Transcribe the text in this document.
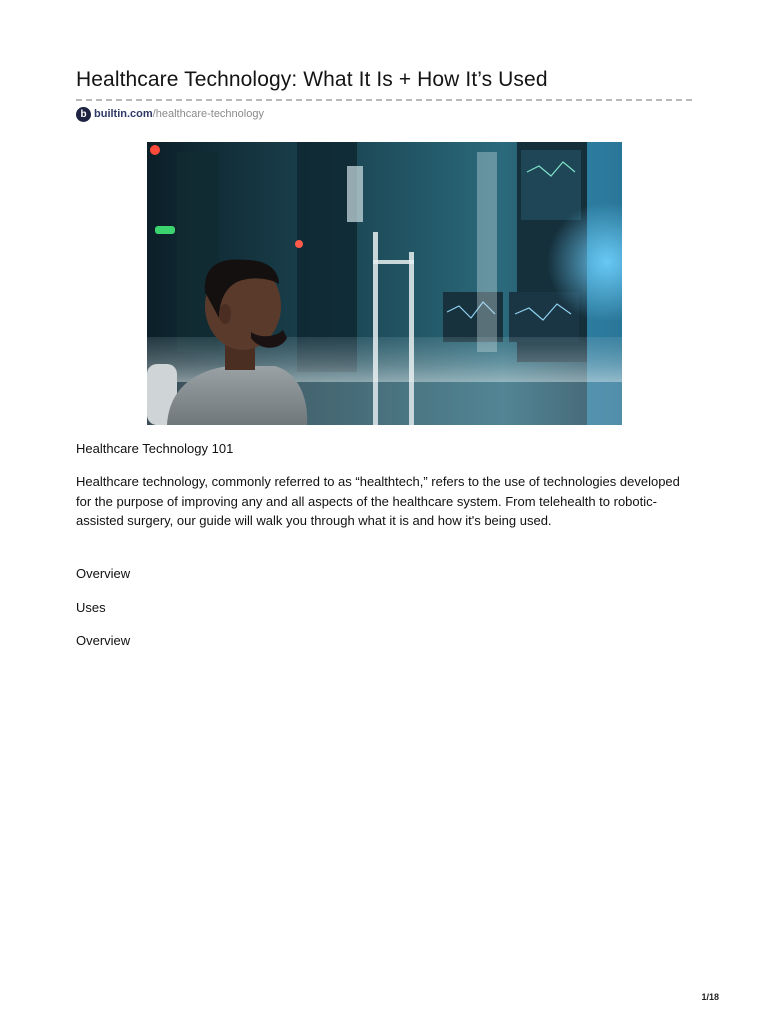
Healthcare Technology: What It Is + How It’s Used
b builtin.com /healthcare-technology

Healthcare Technology 101

Healthcare technology, commonly referred to as “healthtech,” refers to the use of technologies developed for the purpose of improving any and all aspects of the healthcare system. From telehealth to robotic-assisted surgery, our guide will walk you through what it is and how it's being used.

Overview

Uses

Overview

1/18
